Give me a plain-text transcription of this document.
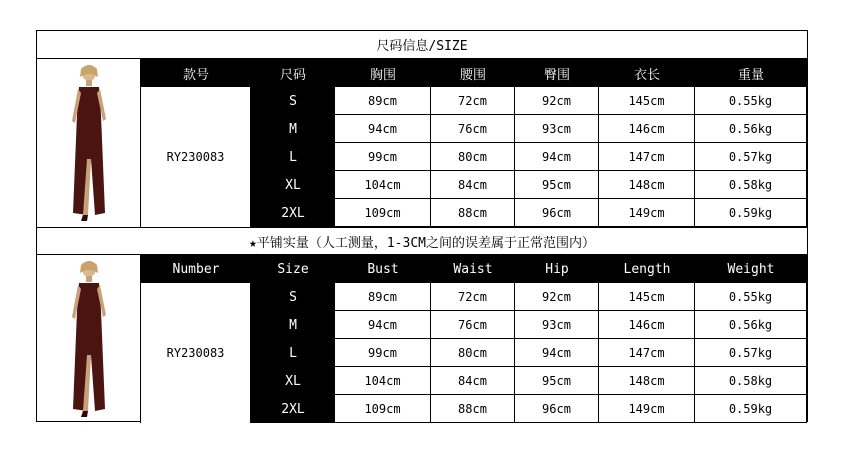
尺码信息/SIZE
款号	尺码	胸围	腰围	臀围	衣长	重量
RY230083
S	89cm	72cm	92cm	145cm	0.55kg
M	94cm	76cm	93cm	146cm	0.56kg
L	99cm	80cm	94cm	147cm	0.57kg
XL	104cm	84cm	95cm	148cm	0.58kg
2XL	109cm	88cm	96cm	149cm	0.59kg
★平铺实量（人工测量，1-3CM之间的误差属于正常范围内）
Number	Size	Bust	Waist	Hip	Length	Weight
RY230083
S	89cm	72cm	92cm	145cm	0.55kg
M	94cm	76cm	93cm	146cm	0.56kg
L	99cm	80cm	94cm	147cm	0.57kg
XL	104cm	84cm	95cm	148cm	0.58kg
2XL	109cm	88cm	96cm	149cm	0.59kg
